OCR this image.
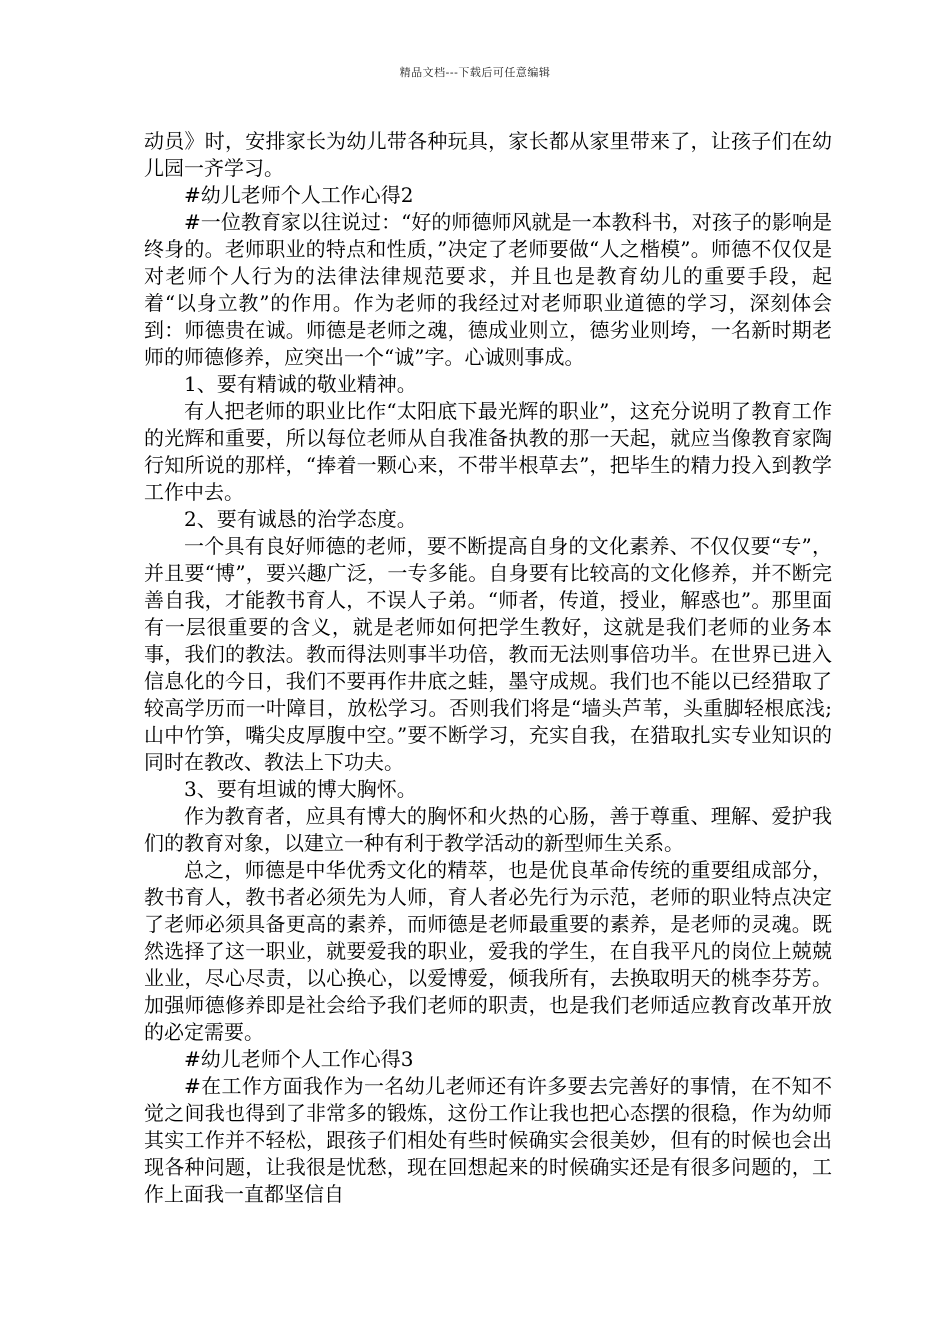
精品文档---下载后可任意编辑

动员》时，安排家长为幼儿带各种玩具，家长都从家里带来了，让孩子们在幼儿园一齐学习。

#幼儿老师个人工作心得2

#一位教育家以往说过：“好的师德师风就是一本教科书，对孩子的影响是终身的。老师职业的特点和性质，”决定了老师要做“人之楷模”。师德不仅仅是对老师个人行为的法律法律规范要求，并且也是教育幼儿的重要手段，起着“以身立教”的作用。作为老师的我经过对老师职业道德的学习，深刻体会到：师德贵在诚。师德是老师之魂，德成业则立，德劣业则垮，一名新时期老师的师德修养，应突出一个“诚”字。心诚则事成。

1、要有精诚的敬业精神。

有人把老师的职业比作“太阳底下最光辉的职业”，这充分说明了教育工作的光辉和重要，所以每位老师从自我准备执教的那一天起，就应当像教育家陶行知所说的那样，“捧着一颗心来，不带半根草去”，把毕生的精力投入到教学工作中去。

2、要有诚恳的治学态度。

一个具有良好师德的老师，要不断提高自身的文化素养、不仅仅要“专”，并且要“博”，要兴趣广泛，一专多能。自身要有比较高的文化修养，并不断完善自我，才能教书育人，不误人子弟。“师者，传道，授业，解惑也”。那里面有一层很重要的含义，就是老师如何把学生教好，这就是我们老师的业务本事，我们的教法。教而得法则事半功倍，教而无法则事倍功半。在世界已进入信息化的今日，我们不要再作井底之蛙，墨守成规。我们也不能以已经猎取了较高学历而一叶障目，放松学习。否则我们将是“墙头芦苇，头重脚轻根底浅;山中竹笋，嘴尖皮厚腹中空。”要不断学习，充实自我，在猎取扎实专业知识的同时在教改、教法上下功夫。

3、要有坦诚的博大胸怀。

作为教育者，应具有博大的胸怀和火热的心肠，善于尊重、理解、爱护我们的教育对象，以建立一种有利于教学活动的新型师生关系。

总之，师德是中华优秀文化的精萃，也是优良革命传统的重要组成部分，教书育人，教书者必须先为人师，育人者必先行为示范，老师的职业特点决定了老师必须具备更高的素养，而师德是老师最重要的素养，是老师的灵魂。既然选择了这一职业，就要爱我的职业，爱我的学生，在自我平凡的岗位上兢兢业业，尽心尽责，以心换心，以爱博爱，倾我所有，去换取明天的桃李芬芳。加强师德修养即是社会给予我们老师的职责，也是我们老师适应教育改革开放的必定需要。

#幼儿老师个人工作心得3

#在工作方面我作为一名幼儿老师还有许多要去完善好的事情，在不知不觉之间我也得到了非常多的锻炼，这份工作让我也把心态摆的很稳，作为幼师其实工作并不轻松，跟孩子们相处有些时候确实会很美妙，但有的时候也会出现各种问题，让我很是忧愁，现在回想起来的时候确实还是有很多问题的，工作上面我一直都坚信自
